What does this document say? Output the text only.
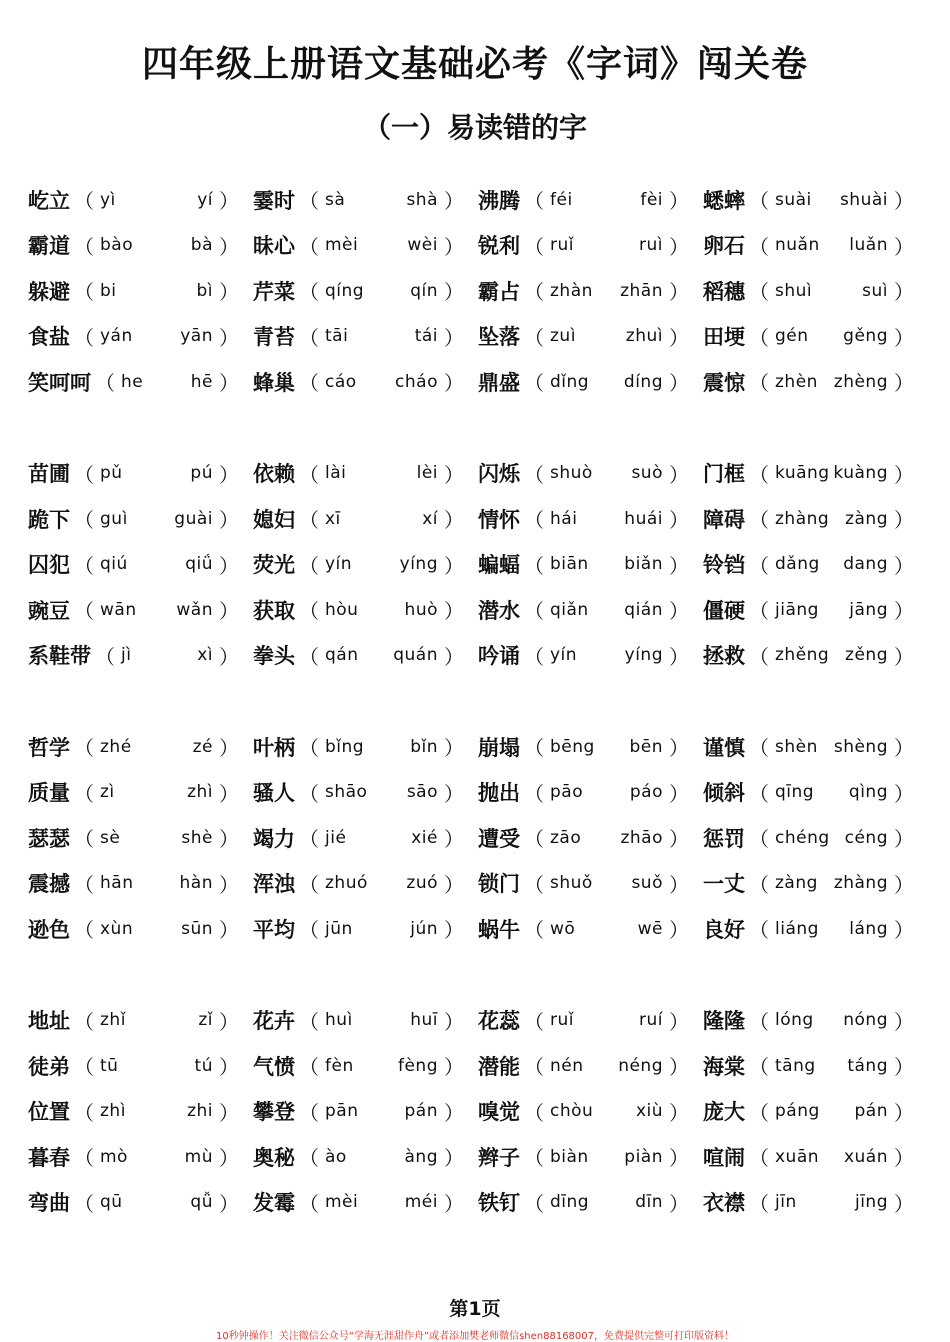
四年级上册语文基础必考《字词》闯关卷
（一）易读错的字
屹立 （ yì	yí ） 霎时 （ sà	shà ） 沸腾 （ féi	fèi ） 蟋蟀 （ suài shuài ）
霸道 （ bào	bà ） 昧心 （ mèi	wèi ） 锐利 （ ruǐ	ruì ） 卵石 （ nuǎn luǎn ）
躲避 （ bi	bì ） 芹菜 （ qíng	qín ） 霸占 （ zhàn zhān ） 稻穗 （ shuì	suì ）
食盐 （ yán	yān ） 青苔 （ tāi	tái ） 坠落 （ zuì	zhuì ） 田埂 （ gén gěng ）
笑呵呵 （ he	hē ） 蜂巢 （ cáo cháo ） 鼎盛 （ dǐng díng ） 震惊 （ zhèn zhèng ）
苗圃 （ pǔ	pú ） 依赖 （ lài	lèi ） 闪烁 （ shuò suò ） 门框 （ kuāng kuàng ）
跪下 （ guì	guài ） 媳妇 （ xī	xí ） 情怀 （ hái	huái ） 障碍 （ zhàng zàng ）
囚犯 （ qiú	qiǘ ） 荧光 （ yín	yíng ） 蝙蝠 （ biān biǎn ） 铃铛 （ dǎng dang ）
豌豆 （ wān wǎn ） 获取 （ hòu	huò ） 潜水 （ qiǎn qián ） 僵硬 （ jiāng jāng ）
系鞋带 （ jì	xì ） 拳头 （ qán quán ） 吟诵 （ yín	yíng ） 拯救 （ zhěng zěng ）
哲学 （ zhé	zé ） 叶柄 （ bǐng	bǐn ） 崩塌 （ bēng bēn ） 谨慎 （ shèn shèng ）
质量 （ zì	zhì ） 骚人 （ shāo sāo ） 抛出 （ pāo	páo ） 倾斜 （ qīng qìng ）
瑟瑟 （ sè	shè ） 竭力 （ jié	xié ） 遭受 （ zāo zhāo ） 惩罚 （ chéng céng ）
震撼 （ hān	hàn ） 浑浊 （ zhuó zuó ） 锁门 （ shuǒ suǒ ） 一丈 （ zàng zhàng ）
逊色 （ xùn	sūn ） 平均 （ jūn	jún ） 蜗牛 （ wō	wē ） 良好 （ liáng láng ）
地址 （ zhǐ	zǐ ） 花卉 （ huì	huī ） 花蕊 （ ruǐ	ruí ） 隆隆 （ lóng nóng ）
徒弟 （ tū	tú ） 气愤 （ fèn	fèng ） 潜能 （ nén néng ） 海棠 （ tāng táng ）
位置 （ zhì	zhi ） 攀登 （ pān	pán ） 嗅觉 （ chòu	xiù ） 庞大 （ páng pán ）
暮春 （ mò	mù ） 奥秘 （ ào	àng ） 辫子 （ biàn piàn ） 喧闹 （ xuān xuán ）
弯曲 （ qū	qǚ ） 发霉 （ mèi	méi ） 铁钉 （ dīng	dīn ） 衣襟 （ jīn	jīng ）
第1页
10秒钟操作！关注微信公众号“学海无涯甜作舟”或者添加樊老师微信shen88168007，免费提供完整可打印版资料！
